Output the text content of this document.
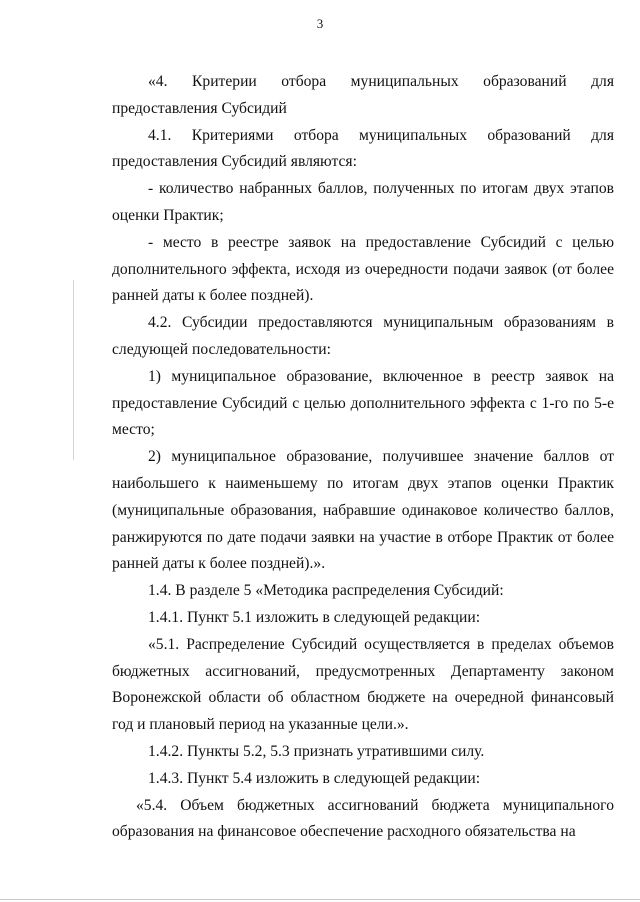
3

«4. Критерии отбора муниципальных образований для предоставления Субсидий

4.1. Критериями отбора муниципальных образований для предоставления Субсидий являются:

- количество набранных баллов, полученных по итогам двух этапов оценки Практик;

- место в реестре заявок на предоставление Субсидий с целью дополнительного эффекта, исходя из очередности подачи заявок (от более ранней даты к более поздней).

4.2. Субсидии предоставляются муниципальным образованиям в следующей последовательности:

1) муниципальное образование, включенное в реестр заявок на предоставление Субсидий с целью дополнительного эффекта с 1-го по 5-е место;

2) муниципальное образование, получившее значение баллов от наибольшего к наименьшему по итогам двух этапов оценки Практик (муниципальные образования, набравшие одинаковое количество баллов, ранжируются по дате подачи заявки на участие в отборе Практик от более ранней даты к более поздней).».

1.4. В разделе 5 «Методика распределения Субсидий:

1.4.1. Пункт 5.1 изложить в следующей редакции:

«5.1. Распределение Субсидий осуществляется в пределах объемов бюджетных ассигнований, предусмотренных Департаменту законом Воронежской области об областном бюджете на очередной финансовый год и плановый период на указанные цели.».

1.4.2. Пункты 5.2, 5.3 признать утратившими силу.

1.4.3. Пункт 5.4 изложить в следующей редакции:

«5.4. Объем бюджетных ассигнований бюджета муниципального образования на финансовое обеспечение расходного обязательства на
